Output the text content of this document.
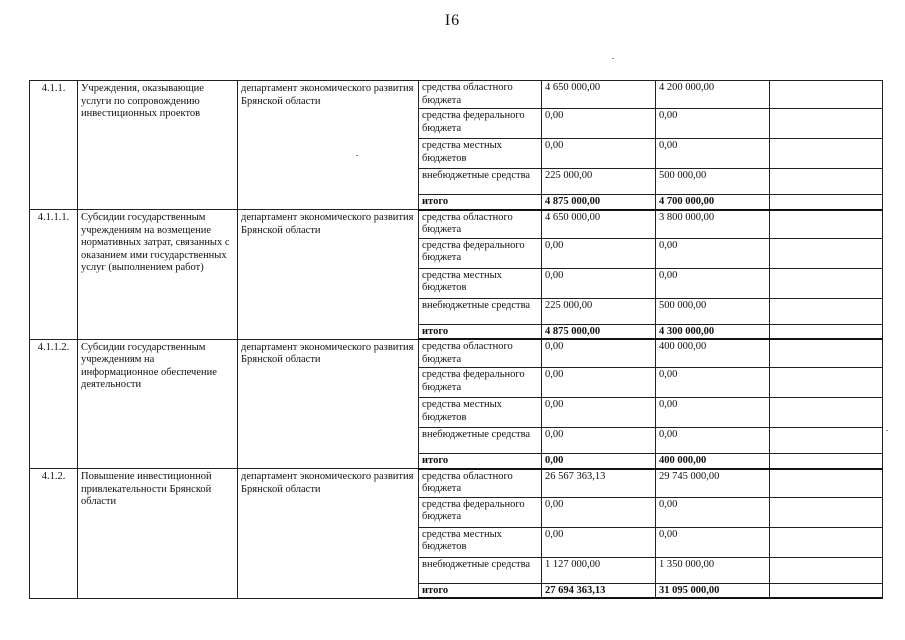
I6
4.1.1.	Учреждения, оказывающие услуги по сопровождению инвестиционных проектов	департамент экономического развития Брянской области	средства областного бюджета	4 650 000,00	4 200 000,00	
			средства федерального бюджета	0,00	0,00	
			средства местных бюджетов	0,00	0,00	
			внебюджетные средства	225 000,00	500 000,00	
			итого	4 875 000,00	4 700 000,00	
4.1.1.1.	Субсидии государственным учреждениям на возмещение нормативных затрат, связанных с оказанием ими государственных услуг (выполнением работ)	департамент экономического развития Брянской области	средства областного бюджета	4 650 000,00	3 800 000,00	
			средства федерального бюджета	0,00	0,00	
			средства местных бюджетов	0,00	0,00	
			внебюджетные средства	225 000,00	500 000,00	
			итого	4 875 000,00	4 300 000,00	
4.1.1.2.	Субсидии государственным учреждениям на информационное обеспечение деятельности	департамент экономического развития Брянской области	средства областного бюджета	0,00	400 000,00	
			средства федерального бюджета	0,00	0,00	
			средства местных бюджетов	0,00	0,00	
			внебюджетные средства	0,00	0,00	
			итого	0,00	400 000,00	
4.1.2.	Повышение инвестиционной привлекательности Брянской области	департамент экономического развития Брянской области	средства областного бюджета	26 567 363,13	29 745 000,00	
			средства федерального бюджета	0,00	0,00	
			средства местных бюджетов	0,00	0,00	
			внебюджетные средства	1 127 000,00	1 350 000,00	
			итого	27 694 363,13	31 095 000,00	
